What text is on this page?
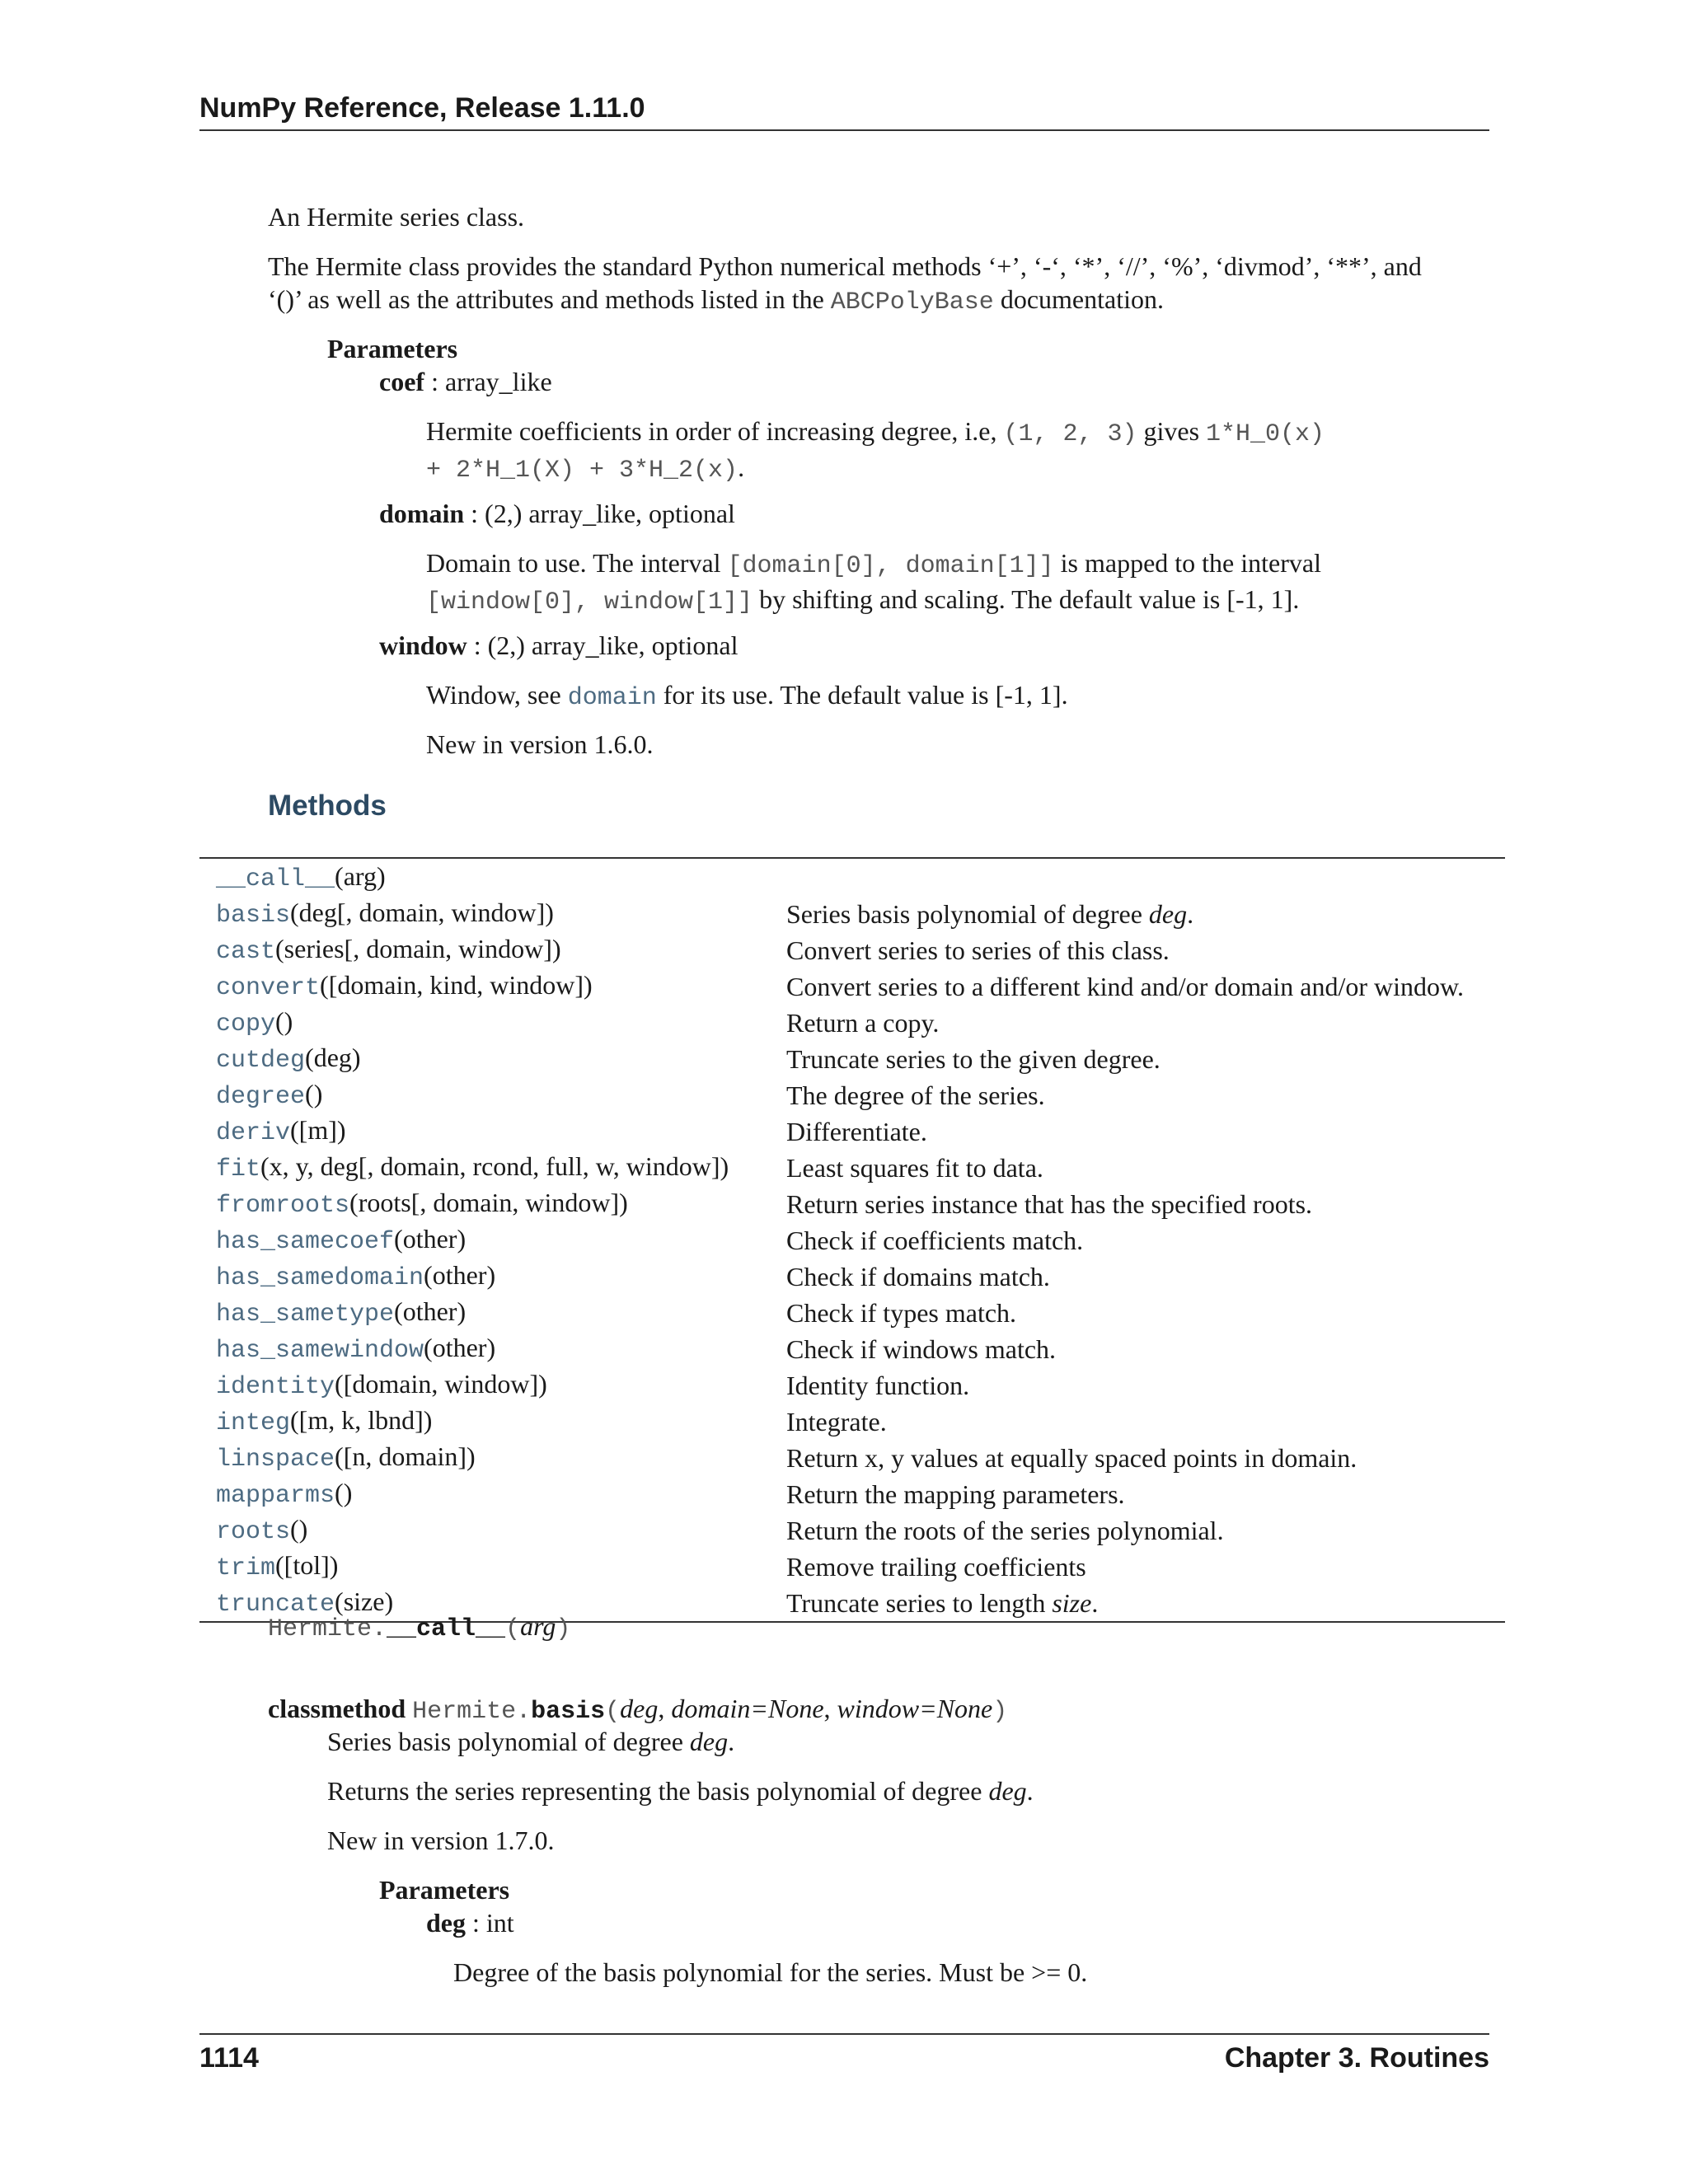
NumPy Reference, Release 1.11.0

An Hermite series class.

The Hermite class provides the standard Python numerical methods ‘+’, ‘-‘, ‘*’, ‘//’, ‘%’, ‘divmod’, ‘**’, and
‘()’ as well as the attributes and methods listed in the ABCPolyBase documentation.

Parameters

coef : array_like

Hermite coefficients in order of increasing degree, i.e, (1, 2, 3) gives 1*H_0(x)
+ 2*H_1(X) + 3*H_2(x).

domain : (2,) array_like, optional

Domain to use. The interval [domain[0], domain[1]] is mapped to the interval
[window[0], window[1]] by shifting and scaling. The default value is [-1, 1].

window : (2,) array_like, optional

Window, see domain for its use. The default value is [-1, 1].

New in version 1.6.0.

Methods
__call__(arg)	
basis(deg[, domain, window])	Series basis polynomial of degree deg.
cast(series[, domain, window])	Convert series to series of this class.
convert([domain, kind, window])	Convert series to a different kind and/or domain and/or window.
copy()	Return a copy.
cutdeg(deg)	Truncate series to the given degree.
degree()	The degree of the series.
deriv([m])	Differentiate.
fit(x, y, deg[, domain, rcond, full, w, window])	Least squares fit to data.
fromroots(roots[, domain, window])	Return series instance that has the specified roots.
has_samecoef(other)	Check if coefficients match.
has_samedomain(other)	Check if domains match.
has_sametype(other)	Check if types match.
has_samewindow(other)	Check if windows match.
identity([domain, window])	Identity function.
integ([m, k, lbnd])	Integrate.
linspace([n, domain])	Return x, y values at equally spaced points in domain.
mapparms()	Return the mapping parameters.
roots()	Return the roots of the series polynomial.
trim([tol])	Remove trailing coefficients
truncate(size)	Truncate series to length size.

Hermite.__call__(arg)

classmethod Hermite.basis(deg, domain=None, window=None)

Series basis polynomial of degree deg.

Returns the series representing the basis polynomial of degree deg.

New in version 1.7.0.

Parameters

deg : int

Degree of the basis polynomial for the series. Must be >= 0.

1114	Chapter 3. Routines
